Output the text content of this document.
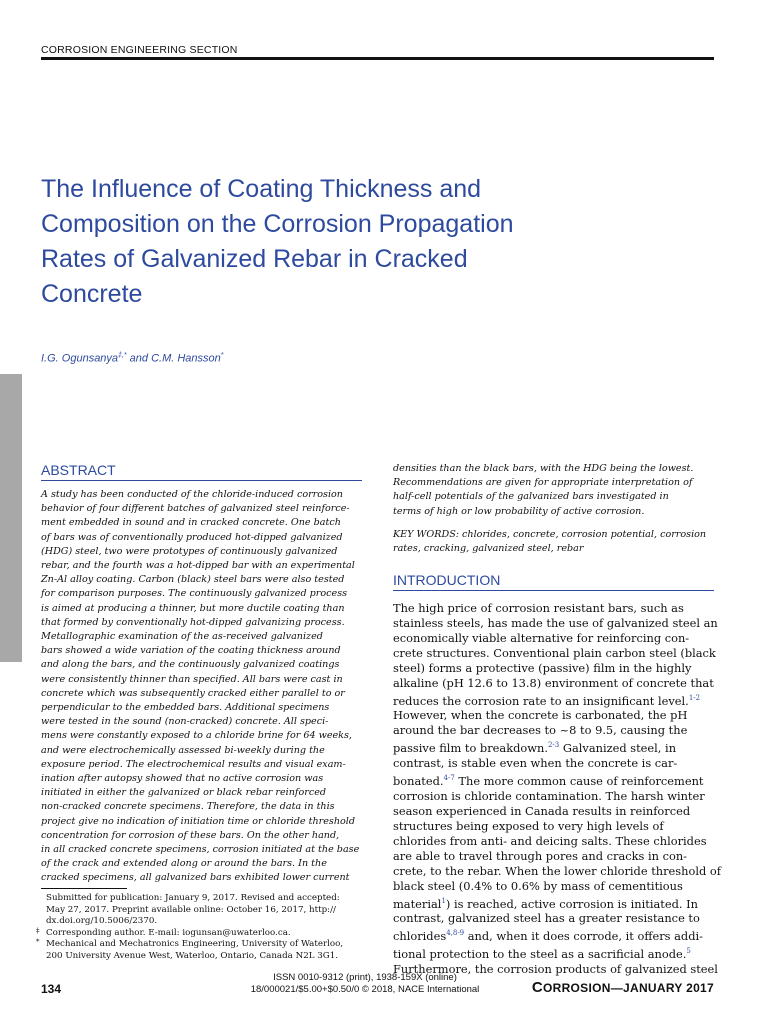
CORROSION ENGINEERING SECTION
The Influence of Coating Thickness and
Composition on the Corrosion Propagation
Rates of Galvanized Rebar in Cracked
Concrete
I.G. Ogunsanya‡,* and C.M. Hansson*
ABSTRACT
A study has been conducted of the chloride-induced corrosion
behavior of four different batches of galvanized steel reinforce-
ment embedded in sound and in cracked concrete. One batch
of bars was of conventionally produced hot-dipped galvanized
(HDG) steel, two were prototypes of continuously galvanized
rebar, and the fourth was a hot-dipped bar with an experimental
Zn-Al alloy coating. Carbon (black) steel bars were also tested
for comparison purposes. The continuously galvanized process
is aimed at producing a thinner, but more ductile coating than
that formed by conventionally hot-dipped galvanizing process.
Metallographic examination of the as-received galvanized
bars showed a wide variation of the coating thickness around
and along the bars, and the continuously galvanized coatings
were consistently thinner than specified. All bars were cast in
concrete which was subsequently cracked either parallel to or
perpendicular to the embedded bars. Additional specimens
were tested in the sound (non-cracked) concrete. All speci-
mens were constantly exposed to a chloride brine for 64 weeks,
and were electrochemically assessed bi-weekly during the
exposure period. The electrochemical results and visual exam-
ination after autopsy showed that no active corrosion was
initiated in either the galvanized or black rebar reinforced
non-cracked concrete specimens. Therefore, the data in this
project give no indication of initiation time or chloride threshold
concentration for corrosion of these bars. On the other hand,
in all cracked concrete specimens, corrosion initiated at the base
of the crack and extended along or around the bars. In the
cracked specimens, all galvanized bars exhibited lower current
densities than the black bars, with the HDG being the lowest.
Recommendations are given for appropriate interpretation of
half-cell potentials of the galvanized bars investigated in
terms of high or low probability of active corrosion.
KEY WORDS: chlorides, concrete, corrosion potential, corrosion
rates, cracking, galvanized steel, rebar
INTRODUCTION
The high price of corrosion resistant bars, such as
stainless steels, has made the use of galvanized steel an
economically viable alternative for reinforcing con-
crete structures. Conventional plain carbon steel (black
steel) forms a protective (passive) film in the highly
alkaline (pH 12.6 to 13.8) environment of concrete that
reduces the corrosion rate to an insignificant level.$^{1-2}$
However, when the concrete is carbonated, the pH
around the bar decreases to ~8 to 9.5, causing the
passive film to breakdown.$^{2-3}$ Galvanized steel, in
contrast, is stable even when the concrete is car-
bonated.$^{4-7}$ The more common cause of reinforcement
corrosion is chloride contamination. The harsh winter
season experienced in Canada results in reinforced
structures being exposed to very high levels of
chlorides from anti- and deicing salts. These chlorides
are able to travel through pores and cracks in con-
crete, to the rebar. When the lower chloride threshold of
black steel (0.4% to 0.6% by mass of cementitious
material$^1$) is reached, active corrosion is initiated. In
contrast, galvanized steel has a greater resistance to
chlorides$^{4,8-9}$ and, when it does corrode, it offers addi-
tional protection to the steel as a sacrificial anode.$^5$
Furthermore, the corrosion products of galvanized steel
Submitted for publication: January 9, 2017. Revised and accepted:
May 27, 2017. Preprint available online: October 16, 2017, http://
dx.doi.org/10.5006/2370.
‡ Corresponding author. E-mail: iogunsan@uwaterloo.ca.
* Mechanical and Mechatronics Engineering, University of Waterloo,
200 University Avenue West, Waterloo, Ontario, Canada N2L 3G1.
134
ISSN 0010-9312 (print), 1938-159X (online)
18/000021/$5.00+$0.50/0 © 2018, NACE International	CORROSION—JANUARY 2017
